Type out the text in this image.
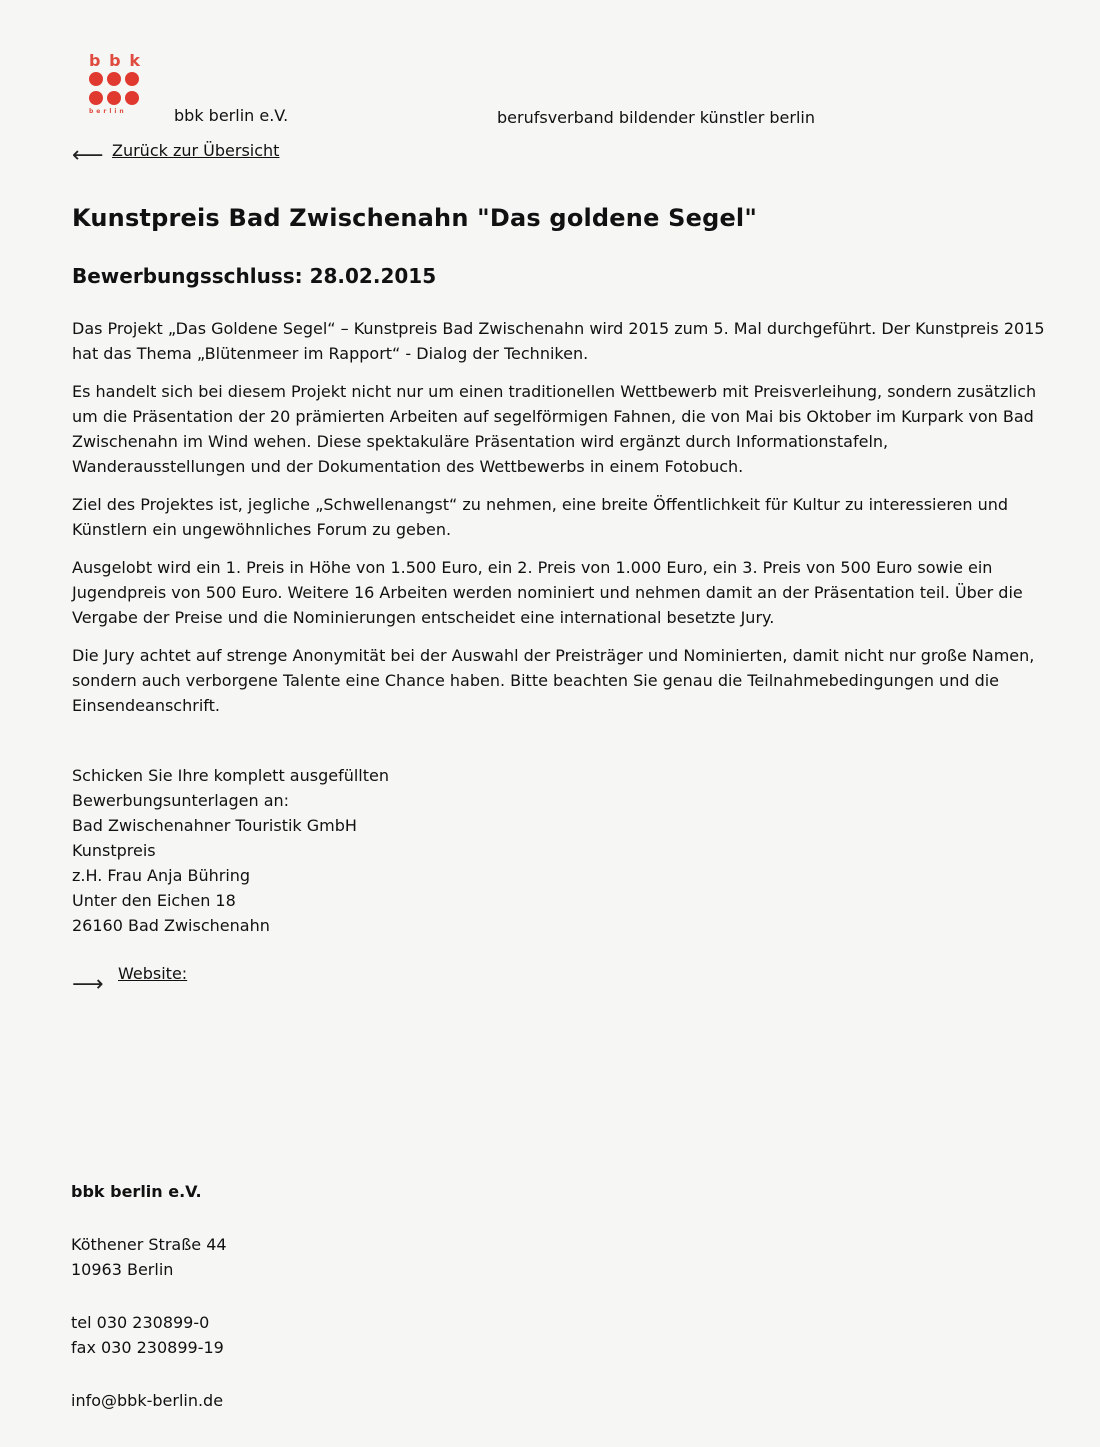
b b k
berlin	bbk berlin e.V.	berufsverband bildender künstler berlin
⟵ Zurück zur Übersicht
Kunstpreis Bad Zwischenahn "Das goldene Segel"
Bewerbungsschluss: 28.02.2015

Das Projekt „Das Goldene Segel“ – Kunstpreis Bad Zwischenahn wird 2015 zum 5. Mal durchgeführt. Der Kunstpreis 2015 hat das Thema „Blütenmeer im Rapport“ - Dialog der Techniken.

Es handelt sich bei diesem Projekt nicht nur um einen traditionellen Wettbewerb mit Preisverleihung, sondern zusätzlich um die Präsentation der 20 prämierten Arbeiten auf segelförmigen Fahnen, die von Mai bis Oktober im Kurpark von Bad Zwischenahn im Wind wehen. Diese spektakuläre Präsentation wird ergänzt durch Informationstafeln, Wanderausstellungen und der Dokumentation des Wettbewerbs in einem Fotobuch.

Ziel des Projektes ist, jegliche „Schwellenangst“ zu nehmen, eine breite Öffentlichkeit für Kultur zu interessieren und Künstlern ein ungewöhnliches Forum zu geben.

Ausgelobt wird ein 1. Preis in Höhe von 1.500 Euro, ein 2. Preis von 1.000 Euro, ein 3. Preis von 500 Euro sowie ein Jugendpreis von 500 Euro. Weitere 16 Arbeiten werden nominiert und nehmen damit an der Präsentation teil. Über die Vergabe der Preise und die Nominierungen entscheidet eine international besetzte Jury.

Die Jury achtet auf strenge Anonymität bei der Auswahl der Preisträger und Nominierten, damit nicht nur große Namen, sondern auch verborgene Talente eine Chance haben. Bitte beachten Sie genau die Teilnahmebedingungen und die Einsendeanschrift.

Schicken Sie Ihre komplett ausgefüllten
Bewerbungsunterlagen an:
Bad Zwischenahner Touristik GmbH
Kunstpreis
z.H. Frau Anja Bühring
Unter den Eichen 18
26160 Bad Zwischenahn
⟶ Website:
bbk berlin e.V.
Köthener Straße 44
10963 Berlin
tel 030 230899-0
fax 030 230899-19
info@bbk-berlin.de
